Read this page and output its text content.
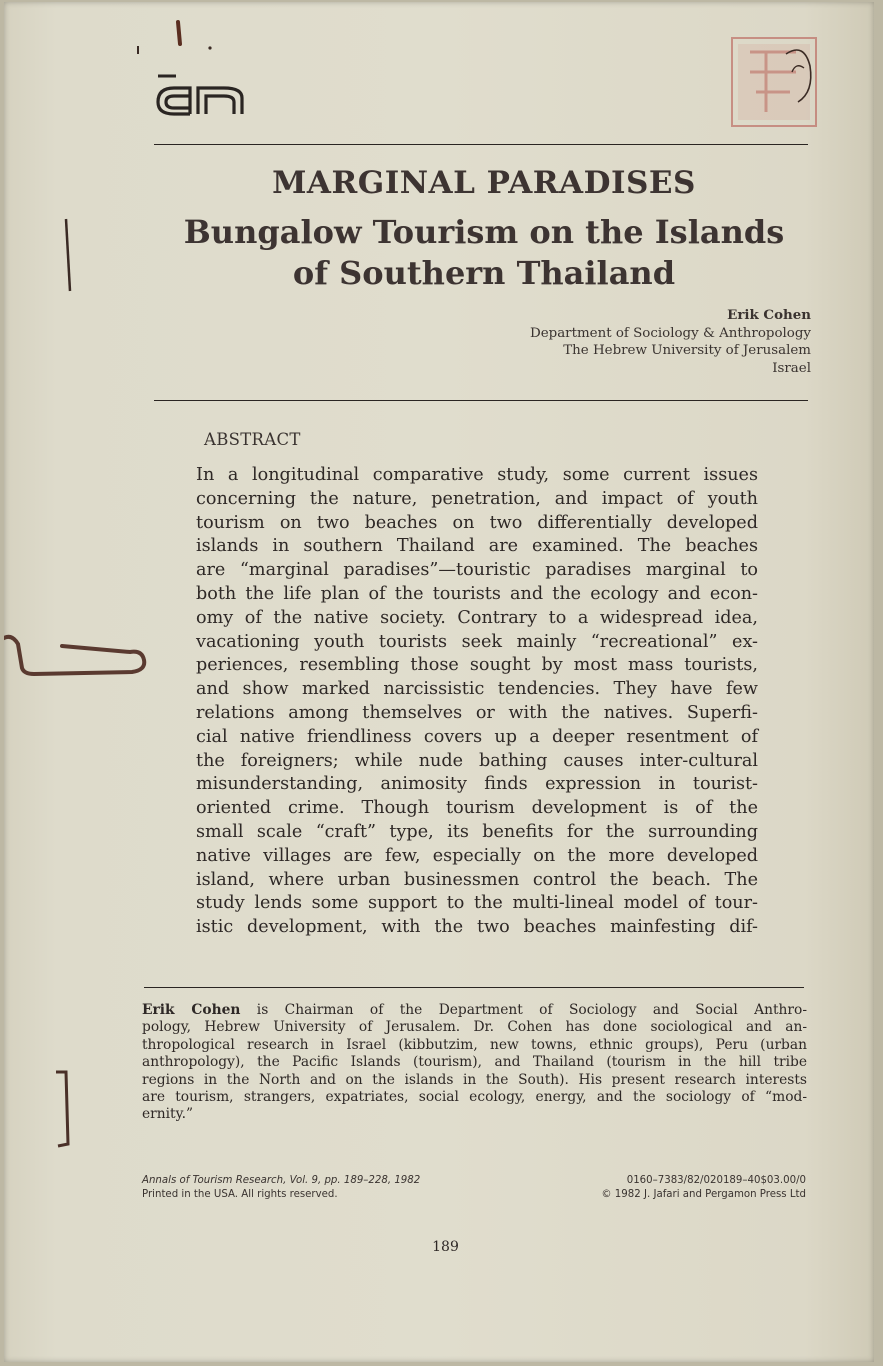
MARGINAL PARADISES
Bungalow Tourism on the Islands
of Southern Thailand
Erik Cohen
Department of Sociology & Anthropology
The Hebrew University of Jerusalem
Israel
ABSTRACT
In a longitudinal comparative study, some current issues
concerning the nature, penetration, and impact of youth
tourism on two beaches on two differentially developed
islands in southern Thailand are examined. The beaches
are “marginal paradises”—touristic paradises marginal to
both the life plan of the tourists and the ecology and econ-
omy of the native society. Contrary to a widespread idea,
vacationing youth tourists seek mainly “recreational” ex-
periences, resembling those sought by most mass tourists,
and show marked narcissistic tendencies. They have few
relations among themselves or with the natives. Superfi-
cial native friendliness covers up a deeper resentment of
the foreigners; while nude bathing causes inter-cultural
misunderstanding, animosity finds expression in tourist-
oriented crime. Though tourism development is of the
small scale “craft” type, its benefits for the surrounding
native villages are few, especially on the more developed
island, where urban businessmen control the beach. The
study lends some support to the multi-lineal model of tour-
istic development, with the two beaches mainfesting dif-
Erik Cohen is Chairman of the Department of Sociology and Social Anthro-
pology, Hebrew University of Jerusalem. Dr. Cohen has done sociological and an-
thropological research in Israel (kibbutzim, new towns, ethnic groups), Peru (urban
anthropology), the Pacific Islands (tourism), and Thailand (tourism in the hill tribe
regions in the North and on the islands in the South). His present research interests
are tourism, strangers, expatriates, social ecology, energy, and the sociology of “mod-
ernity.”
Annals of Tourism Research, Vol. 9, pp. 189–228, 1982
Printed in the USA. All rights reserved.
0160–7383/82/020189–40$03.00/0
© 1982 J. Jafari and Pergamon Press Ltd
189
